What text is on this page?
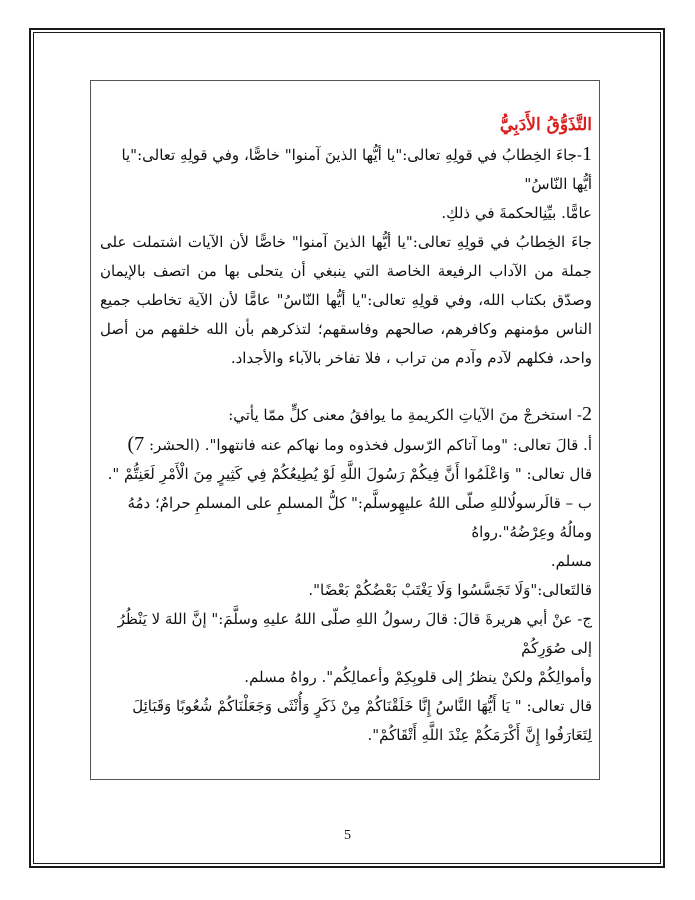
التَّذَوُّقُ الأَدَبِيُّ

1-جاءَ الخِطابُ في قولِهِ تعالى:"يا أيُّها الذينَ آمنوا" خاصًّا، وفي قولِهِ تعالى:"يا أيُّها النّاسُ"

عامًّا. بيِّنِالحكمةَ في ذلكِ.

جاءَ الخِطابُ في قولِهِ تعالى:"يا أيُّها الذينَ آمنوا" خاصًّا لأن الآيات اشتملت على جملة من الآداب الرفيعة الخاصة التي ينبغي أن يتحلى بها من اتصف بالإيمان وصدّق بكتاب الله، وفي قولِهِ تعالى:"يا أيُّها النّاسُ" عامًّا لأن الآية تخاطب جميع الناس مؤمنهم وكافرهم، صالحهم وفاسقهم؛ لتذكرهم بأن الله خلقهم من أصل واحد، فكلهم لآدم وآدم من تراب ، فلا تفاخر بالآباء والأجداد.

2- استخرجْ منَ الآياتِ الكريمةِ ما يوافقُ معنى كلٍّ ممّا يأتي:

أ. قالَ تعالى: "وما آتاكم الرّسول فخذوه وما نهاكم عنه فانتهوا". (الحشر: 7)

قال تعالى: " وَاعْلَمُوا أَنَّ فِيكُمْ رَسُولَ اللَّهِ لَوْ يُطِيعُكُمْ فِي كَثِيرٍ مِنَ الْأَمْرِ لَعَنِتُّمْ ".

ب – قالَرسولُاللهِ صلّى اللهُ عليهِوسلَّم:" كلُّ المسلمِ على المسلمِ حرامٌ؛ دمُهُ ومالُهُ وعِرْضُهُ".رواهُ

مسلم.

قالتَعالى:"وَلَا تَجَسَّسُوا وَلَا يَغْتَبْ بَعْضُكُمْ بَعْضًا".

ج- عنْ أبي هريرةَ قالَ: قالَ رسولُ اللهِ صلّى اللهُ عليهِ وسلَّمَ:" إنَّ اللهَ لا يَنْظُرُ إلى صُوَرِكُمْ

وأموالِكُمْ ولكنْ ينظرُ إلى قلوبِكِمْ وأعمالِكُم". رواهُ مسلم.

قال تعالى: " يَا أَيُّهَا النَّاسُ إِنَّا خَلَقْنَاكُمْ مِنْ ذَكَرٍ وَأُنْثَى وَجَعَلْنَاكُمْ شُعُوبًا وَقَبَائِلَ

لِتَعَارَفُوا إِنَّ أَكْرَمَكُمْ عِنْدَ اللَّهِ أَتْقَاكُمْ".

5
